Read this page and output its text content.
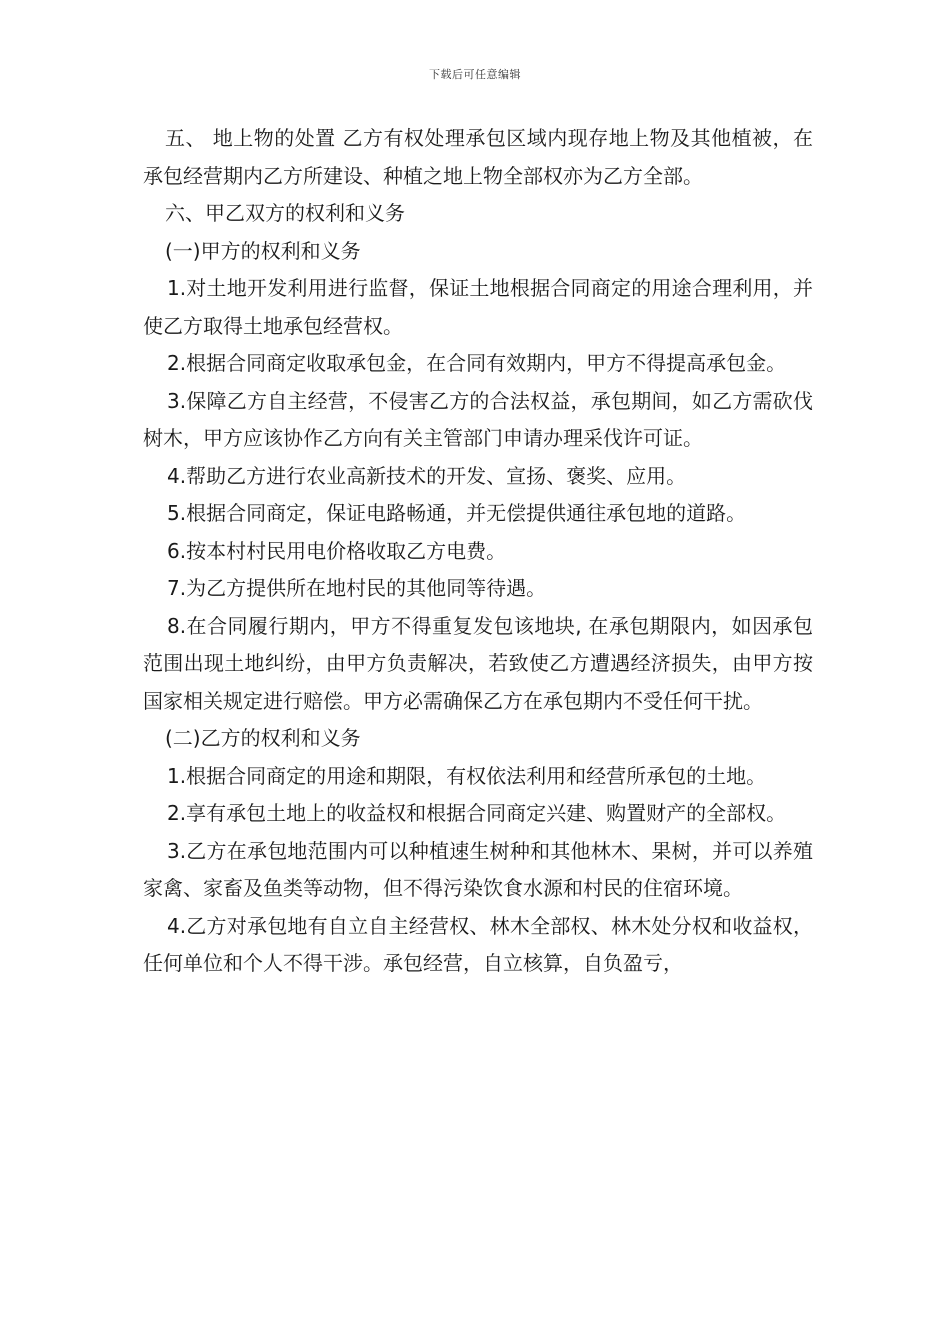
下载后可任意编辑

五、 地上物的处置 乙方有权处理承包区域内现存地上物及其他植被，在承包经营期内乙方所建设、种植之地上物全部权亦为乙方全部。

六、甲乙双方的权利和义务

(一)甲方的权利和义务

1.对土地开发利用进行监督，保证土地根据合同商定的用途合理利用，并使乙方取得土地承包经营权。

2.根据合同商定收取承包金，在合同有效期内，甲方不得提高承包金。

3.保障乙方自主经营，不侵害乙方的合法权益，承包期间，如乙方需砍伐树木，甲方应该协作乙方向有关主管部门申请办理采伐许可证。

4.帮助乙方进行农业高新技术的开发、宣扬、褒奖、应用。

5.根据合同商定，保证电路畅通，并无偿提供通往承包地的道路。

6.按本村村民用电价格收取乙方电费。

7.为乙方提供所在地村民的其他同等待遇。

8.在合同履行期内，甲方不得重复发包该地块, 在承包期限内，如因承包范围出现土地纠纷，由甲方负责解决，若致使乙方遭遇经济损失，由甲方按国家相关规定进行赔偿。甲方必需确保乙方在承包期内不受任何干扰。

(二)乙方的权利和义务

1.根据合同商定的用途和期限，有权依法利用和经营所承包的土地。

2.享有承包土地上的收益权和根据合同商定兴建、购置财产的全部权。

3.乙方在承包地范围内可以种植速生树种和其他林木、果树，并可以养殖家禽、家畜及鱼类等动物，但不得污染饮食水源和村民的住宿环境。

4.乙方对承包地有自立自主经营权、林木全部权、林木处分权和收益权，任何单位和个人不得干涉。承包经营，自立核算，自负盈亏，
